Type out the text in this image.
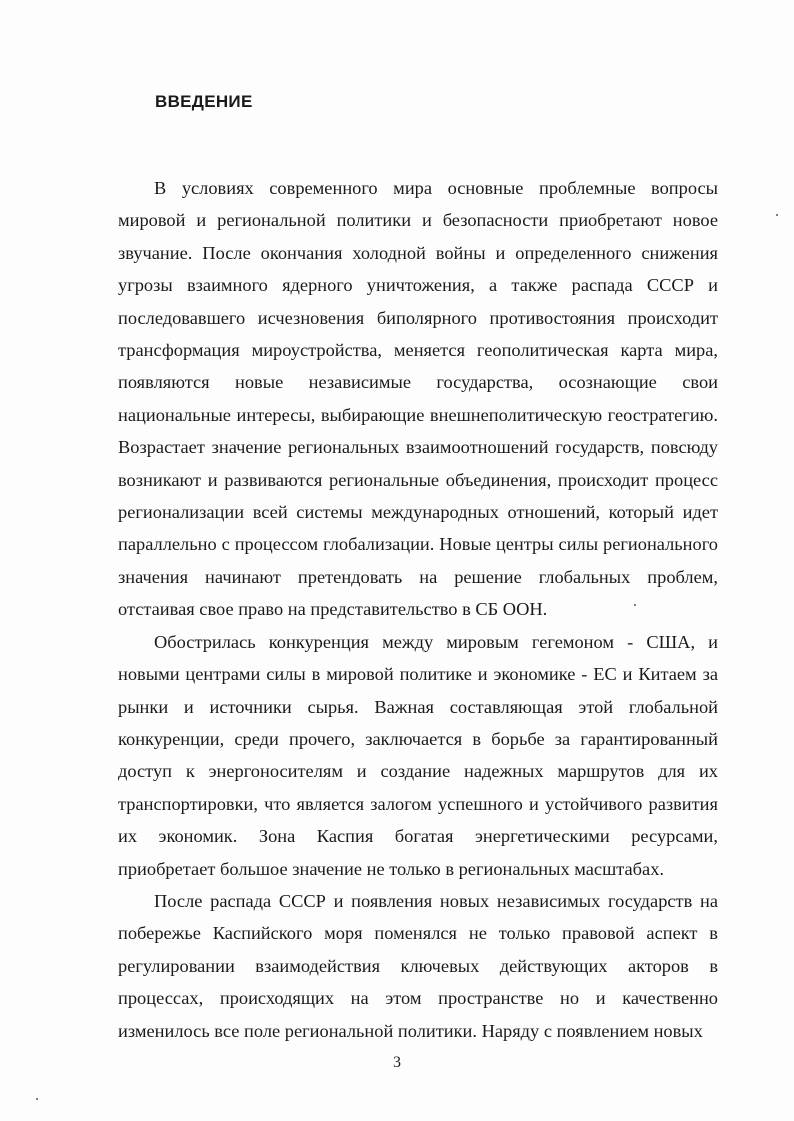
ВВЕДЕНИЕ

В условиях современного мира основные проблемные вопросы мировой и региональной политики и безопасности приобретают новое звучание. После окончания холодной войны и определенного снижения угрозы взаимного ядерного уничтожения, а также распада СССР и последовавшего исчезновения биполярного противостояния происходит трансформация мироустройства, меняется геополитическая карта мира, появляются новые независимые государства, осознающие свои национальные интересы, выбирающие внешнеполитическую геостратегию. Возрастает значение региональных взаимоотношений государств, повсюду возникают и развиваются региональные объединения, происходит процесс регионализации всей системы международных отношений, который идет параллельно с процессом глобализации. Новые центры силы регионального значения начинают претендовать на решение глобальных проблем, отстаивая свое право на представительство в СБ ООН.

Обострилась конкуренция между мировым гегемоном - США, и новыми центрами силы в мировой политике и экономике - ЕС и Китаем за рынки и источники сырья. Важная составляющая этой глобальной конкуренции, среди прочего, заключается в борьбе за гарантированный доступ к энергоносителям и создание надежных маршрутов для их транспортировки, что является залогом успешного и устойчивого развития их экономик. Зона Каспия богатая энергетическими ресурсами, приобретает большое значение не только в региональных масштабах.

После распада СССР и появления новых независимых государств на побережье Каспийского моря поменялся не только правовой аспект в регулировании взаимодействия ключевых действующих акторов в процессах, происходящих на этом пространстве но и качественно изменилось все поле региональной политики. Наряду с появлением новых

3
